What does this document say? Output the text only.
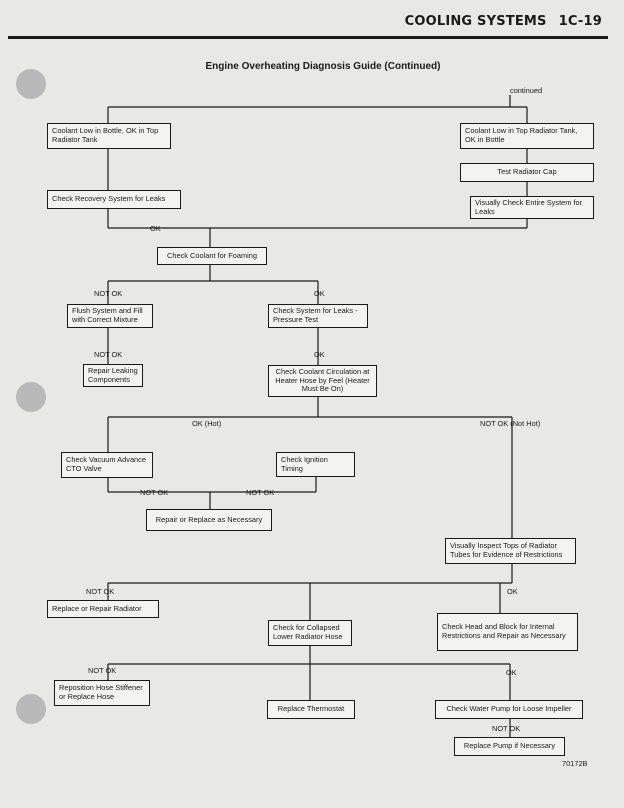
COOLING SYSTEMS 1C-19
Engine Overheating Diagnosis Guide (Continued)
continued
OK
NOT OK	OK
NOT OK	OK
OK (Hot)	NOT OK (Not Hot)
NOT OK	NOT OK
NOT OK	OK
NOT OK	OK
NOT OK
Coolant Low in Bottle, OK in Top Radiator Tank
Check Recovery System for Leaks
Coolant Low in Top Radiator Tank, OK in Bottle
Test Radiator Cap
Visually Check Entire System for Leaks
Check Coolant for Foaming
Flush System and Fill with Correct Mixture
Check System for Leaks - Pressure Test
Repair Leaking Components
Check Coolant Circulation at Heater Hose by Feel (Heater Must Be On)
Check Vacuum Advance CTO Valve
Check Ignition Timing
Repair or Replace as Necessary
Visually Inspect Tops of Radiator Tubes for Evidence of Restrictions
Replace or Repair Radiator
Check for Collapsed Lower Radiator Hose
Check Head and Block for Internal Restrictions and Repair as Necessary
Reposition Hose Stiffener or Replace Hose
Replace Thermostat	Check Water Pump for Loose Impeller
Replace Pump if Necessary
70172B
